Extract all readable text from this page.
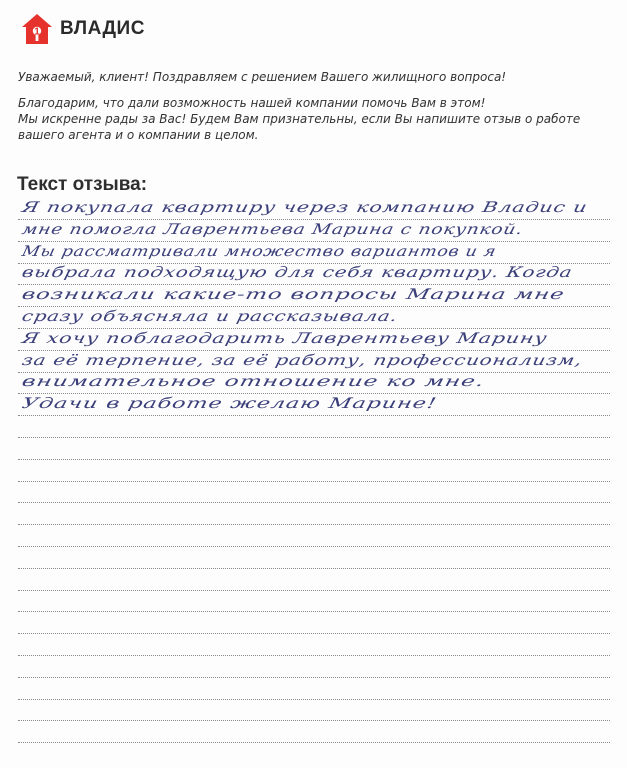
1 ВЛАДИС

Уважаемый, клиент! Поздравляем с решением Вашего жилищного вопроса!

Благодарим, что дали возможность нашей компании помочь Вам в этом!

Мы искренне рады за Вас! Будем Вам признательны, если Вы напишите отзыв о работе

вашего агента и о компании в целом.

Текст отзыва:
Я покупала квартиру через компанию Владис и
мне помогла Лаврентьева Марина с покупкой.
Мы рассматривали множество вариантов и я
выбрала подходящую для себя квартиру. Когда
возникали какие-то вопросы Марина мне
сразу объясняла и рассказывала.
Я хочу поблагодарить Лаврентьеву Марину
за её терпение, за её работу, профессионализм,
внимательное отношение ко мне.
Удачи в работе желаю Марине!
